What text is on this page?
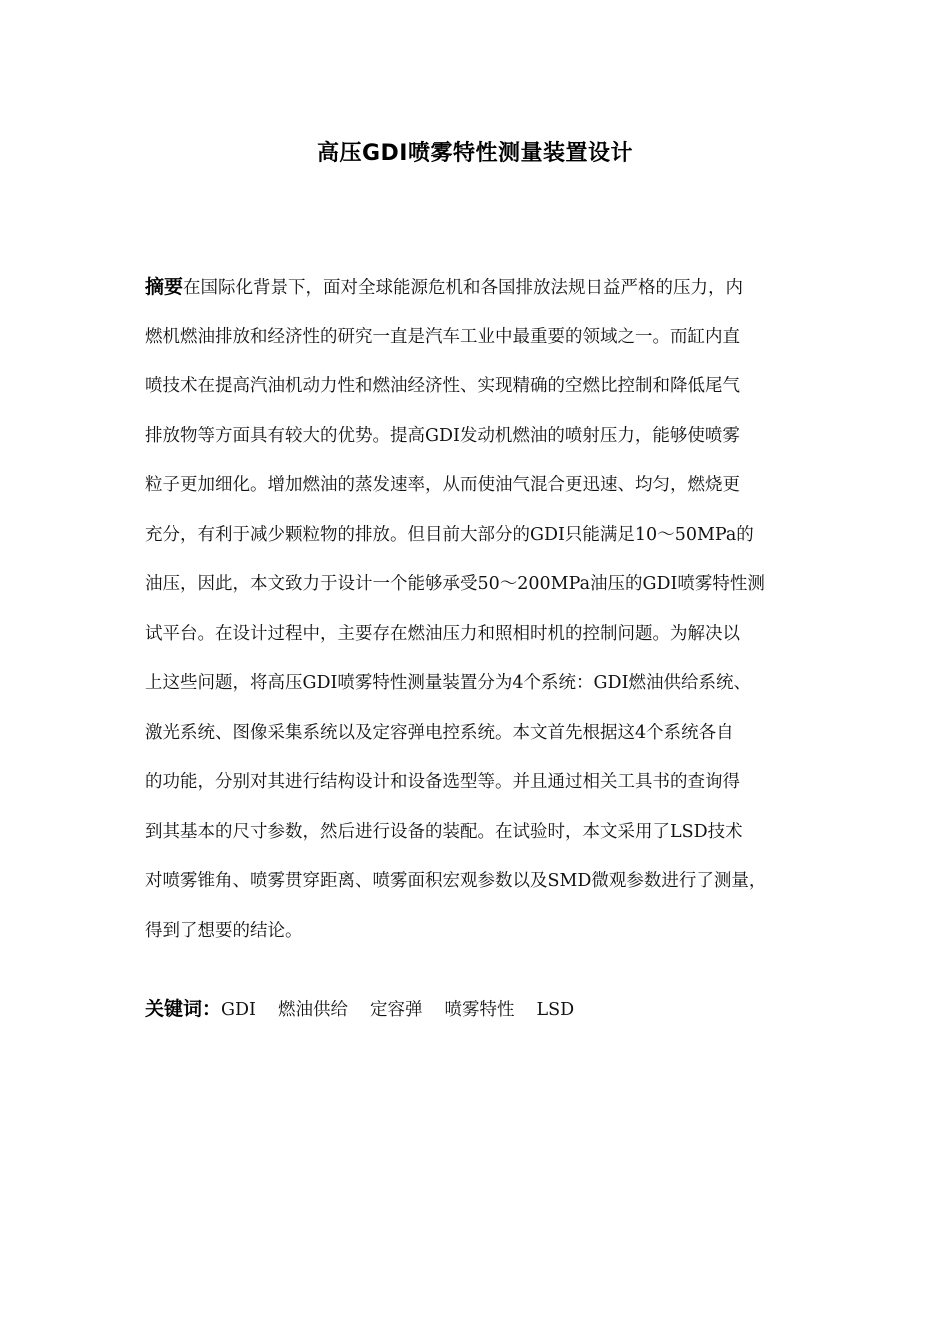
高压GDI喷雾特性测量装置设计
摘要在国际化背景下，面对全球能源危机和各国排放法规日益严格的压力，内
燃机燃油排放和经济性的研究一直是汽车工业中最重要的领域之一。而缸内直
喷技术在提高汽油机动力性和燃油经济性、实现精确的空燃比控制和降低尾气
排放物等方面具有较大的优势。提高GDI发动机燃油的喷射压力，能够使喷雾
粒子更加细化。增加燃油的蒸发速率，从而使油气混合更迅速、均匀，燃烧更
充分，有利于减少颗粒物的排放。但目前大部分的GDI只能满足10～50MPa的
油压，因此，本文致力于设计一个能够承受50～200MPa油压的GDI喷雾特性测
试平台。在设计过程中，主要存在燃油压力和照相时机的控制问题。为解决以
上这些问题，将高压GDI喷雾特性测量装置分为4个系统：GDI燃油供给系统、
激光系统、图像采集系统以及定容弹电控系统。本文首先根据这4个系统各自
的功能，分别对其进行结构设计和设备选型等。并且通过相关工具书的查询得
到其基本的尺寸参数，然后进行设备的装配。在试验时，本文采用了LSD技术
对喷雾锥角、喷雾贯穿距离、喷雾面积宏观参数以及SMD微观参数进行了测量，
得到了想要的结论。
关键词：GDI 燃油供给 定容弹 喷雾特性 LSD
